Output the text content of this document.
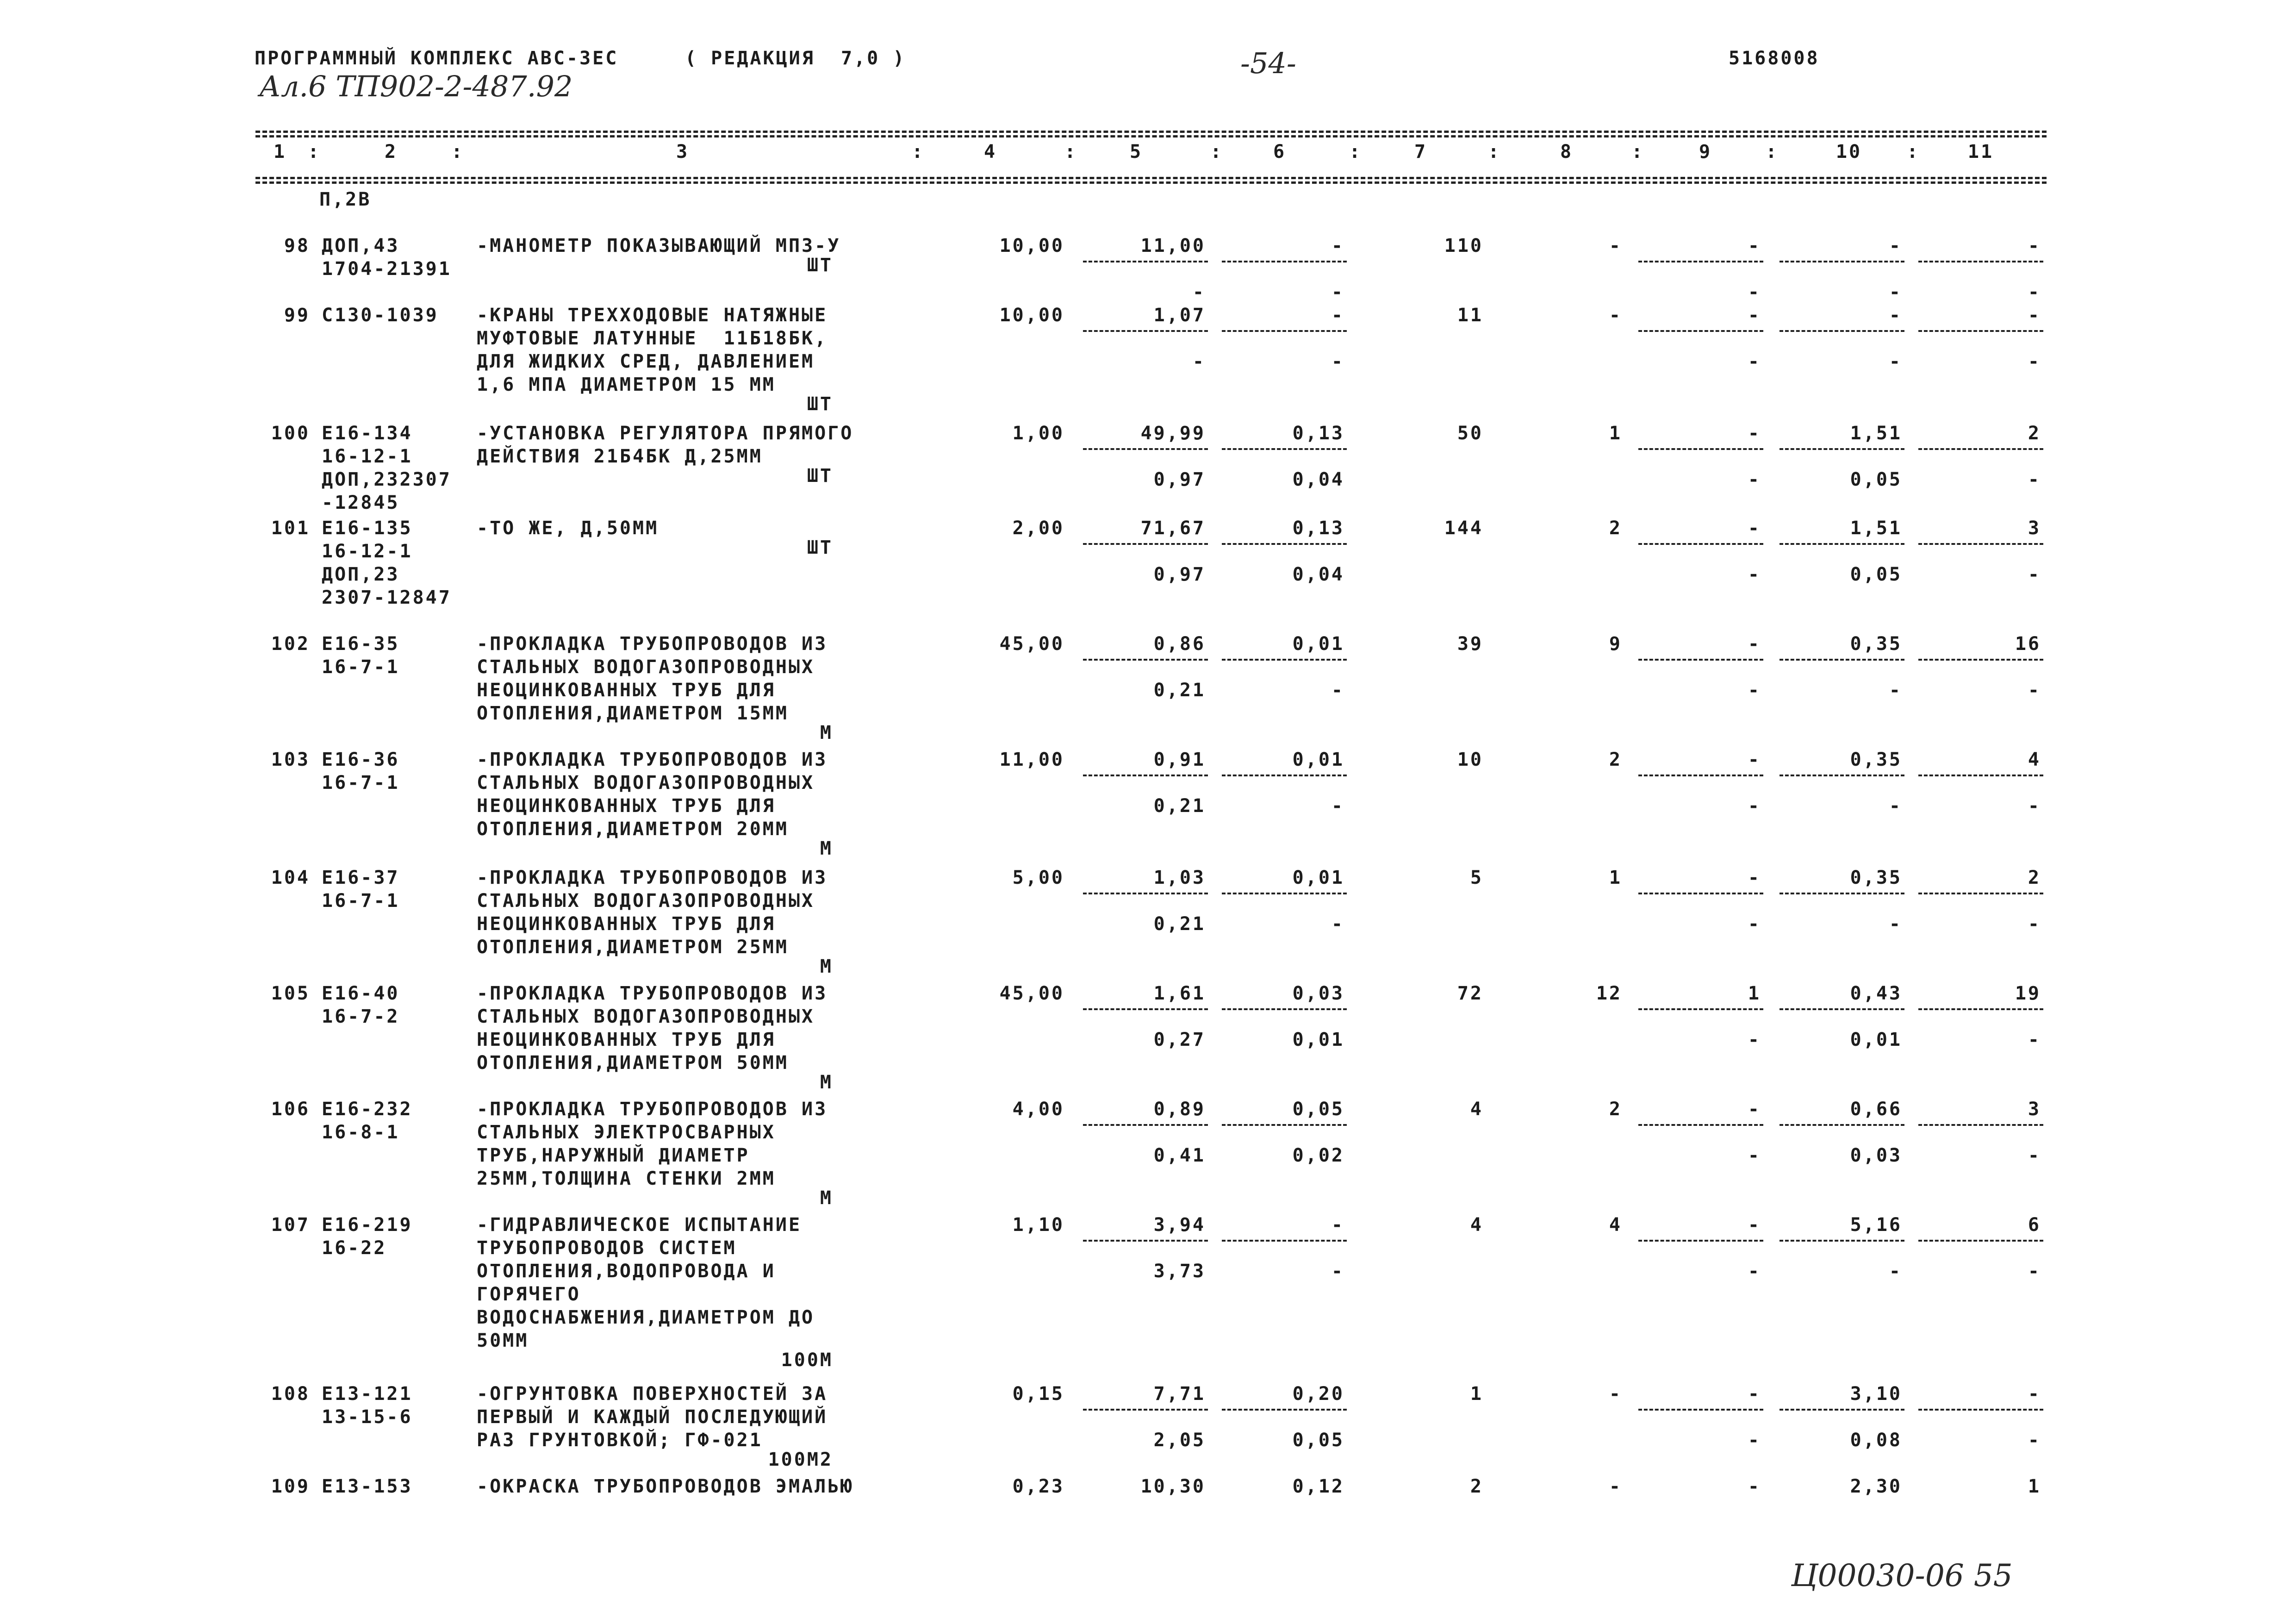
ПРОГРАММНЫЙ КОМПЛЕКС АВС-3ЕС	( РЕДАКЦИЯ  7,0 )	-54-	5168008
Ал.6 ТП902-2-487.92
1	2	3	4	5	6	7	8	9	10	11
:	:	:	:	:	:	:	:	:	:
П,2В
98 ДОП,43
1704-21391
-МАНОМЕТР ПОКАЗЫВАЮЩИЙ МПЗ-У
ШТ
10,00	11,00	-	110	-	-	-	-
-	-	-	-	-
99 С130-1039	-КРАНЫ ТРЕХХОДОВЫЕ НАТЯЖНЫЕ
МУФТОВЫЕ ЛАТУННЫЕ  11Б18БК,
ДЛЯ ЖИДКИХ СРЕД, ДАВЛЕНИЕМ
1,6 МПА ДИАМЕТРОМ 15 ММ
ШТ
10,00	1,07	-	11	-	-	-	-
-	-	-	-	-
100 Е16-134
16-12-1
ДОП,232307
-12845
-УСТАНОВКА РЕГУЛЯТОРА ПРЯМОГО
ДЕЙСТВИЯ 21Б4БК Д,25ММ
ШТ
1,00	49,99	0,13	50	1	-	1,51	2
0,97	0,04	-	0,05	-
101 Е16-135
16-12-1
ДОП,23
2307-12847
-ТО ЖЕ, Д,50ММ
ШТ
2,00	71,67	0,13	144	2	-	1,51	3
0,97	0,04	-	0,05	-
102 Е16-35
16-7-1
-ПРОКЛАДКА ТРУБОПРОВОДОВ ИЗ
СТАЛЬНЫХ ВОДОГАЗОПРОВОДНЫХ
НЕОЦИНКОВАННЫХ ТРУБ ДЛЯ
ОТОПЛЕНИЯ,ДИАМЕТРОМ 15ММ
М
45,00	0,86	0,01	39	9	-	0,35	16
0,21	-	-	-	-
103 Е16-36
16-7-1
-ПРОКЛАДКА ТРУБОПРОВОДОВ ИЗ
СТАЛЬНЫХ ВОДОГАЗОПРОВОДНЫХ
НЕОЦИНКОВАННЫХ ТРУБ ДЛЯ
ОТОПЛЕНИЯ,ДИАМЕТРОМ 20ММ
М
11,00	0,91	0,01	10	2	-	0,35	4
0,21	-	-	-	-
104 Е16-37
16-7-1
-ПРОКЛАДКА ТРУБОПРОВОДОВ ИЗ
СТАЛЬНЫХ ВОДОГАЗОПРОВОДНЫХ
НЕОЦИНКОВАННЫХ ТРУБ ДЛЯ
ОТОПЛЕНИЯ,ДИАМЕТРОМ 25ММ
М
5,00	1,03	0,01	5	1	-	0,35	2
0,21	-	-	-	-
105 Е16-40
16-7-2
-ПРОКЛАДКА ТРУБОПРОВОДОВ ИЗ
СТАЛЬНЫХ ВОДОГАЗОПРОВОДНЫХ
НЕОЦИНКОВАННЫХ ТРУБ ДЛЯ
ОТОПЛЕНИЯ,ДИАМЕТРОМ 50ММ
М
45,00	1,61	0,03	72	12	1	0,43	19
0,27	0,01	-	0,01	-
106 Е16-232
16-8-1
-ПРОКЛАДКА ТРУБОПРОВОДОВ ИЗ
СТАЛЬНЫХ ЭЛЕКТРОСВАРНЫХ
ТРУБ,НАРУЖНЫЙ ДИАМЕТР
25ММ,ТОЛЩИНА СТЕНКИ 2ММ
М
4,00	0,89	0,05	4	2	-	0,66	3
0,41	0,02	-	0,03	-
107 Е16-219
16-22
-ГИДРАВЛИЧЕСКОЕ ИСПЫТАНИЕ
ТРУБОПРОВОДОВ СИСТЕМ
ОТОПЛЕНИЯ,ВОДОПРОВОДА И
ГОРЯЧЕГО
ВОДОСНАБЖЕНИЯ,ДИАМЕТРОМ ДО
50ММ
100М
1,10	3,94	-	4	4	-	5,16	6
3,73	-	-	-	-
108 Е13-121
13-15-6
-ОГРУНТОВКА ПОВЕРХНОСТЕЙ ЗА
ПЕРВЫЙ И КАЖДЫЙ ПОСЛЕДУЮЩИЙ
РАЗ ГРУНТОВКОЙ; ГФ-021
100М2
0,15	7,71	0,20	1	-	-	3,10	-
2,05	0,05	-	0,08	-
109 Е13-153	-ОКРАСКА ТРУБОПРОВОДОВ ЭМАЛЬЮ	0,23	10,30	0,12	2	-	-	2,30	1
Ц00030-06 55
